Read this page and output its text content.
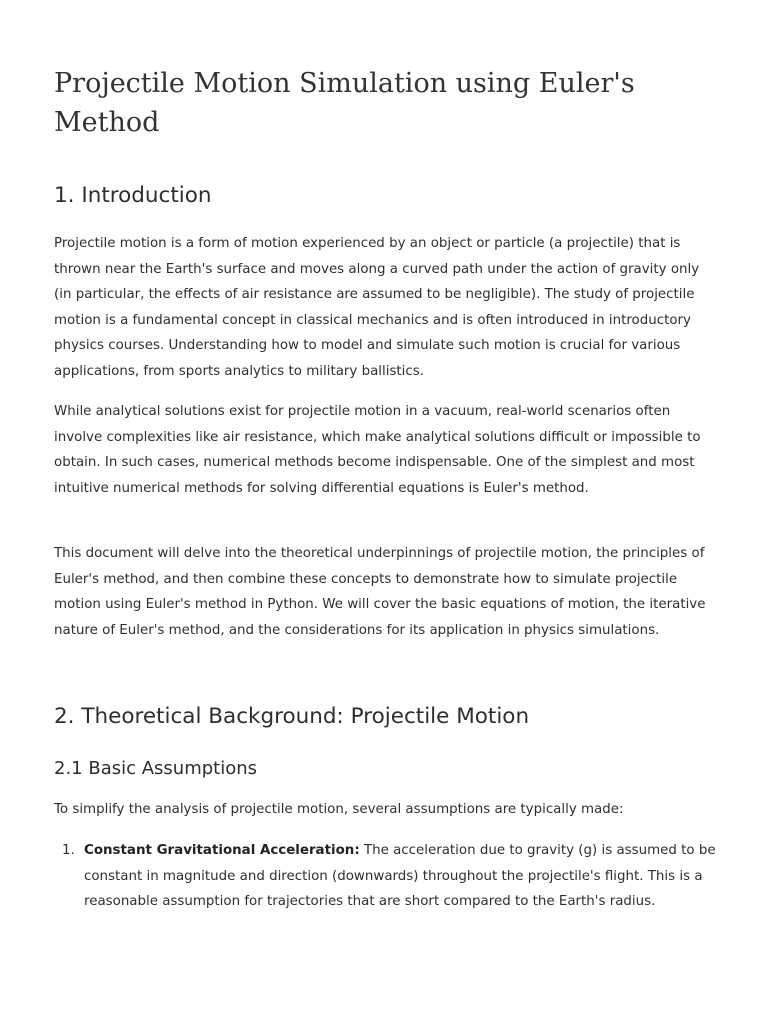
Projectile Motion Simulation using Euler's Method
1. Introduction

Projectile motion is a form of motion experienced by an object or particle (a projectile) that is thrown near the Earth's surface and moves along a curved path under the action of gravity only (in particular, the effects of air resistance are assumed to be negligible). The study of projectile motion is a fundamental concept in classical mechanics and is often introduced in introductory physics courses. Understanding how to model and simulate such motion is crucial for various applications, from sports analytics to military ballistics.

While analytical solutions exist for projectile motion in a vacuum, real-world scenarios often involve complexities like air resistance, which make analytical solutions difficult or impossible to obtain. In such cases, numerical methods become indispensable. One of the simplest and most intuitive numerical methods for solving differential equations is Euler's method.

This document will delve into the theoretical underpinnings of projectile motion, the principles of Euler's method, and then combine these concepts to demonstrate how to simulate projectile motion using Euler's method in Python. We will cover the basic equations of motion, the iterative nature of Euler's method, and the considerations for its application in physics simulations.

2. Theoretical Background: Projectile Motion
2.1 Basic Assumptions

To simplify the analysis of projectile motion, several assumptions are typically made:

1. Constant Gravitational Acceleration: The acceleration due to gravity (g) is assumed to be constant in magnitude and direction (downwards) throughout the projectile's flight. This is a reasonable assumption for trajectories that are short compared to the Earth's radius.
